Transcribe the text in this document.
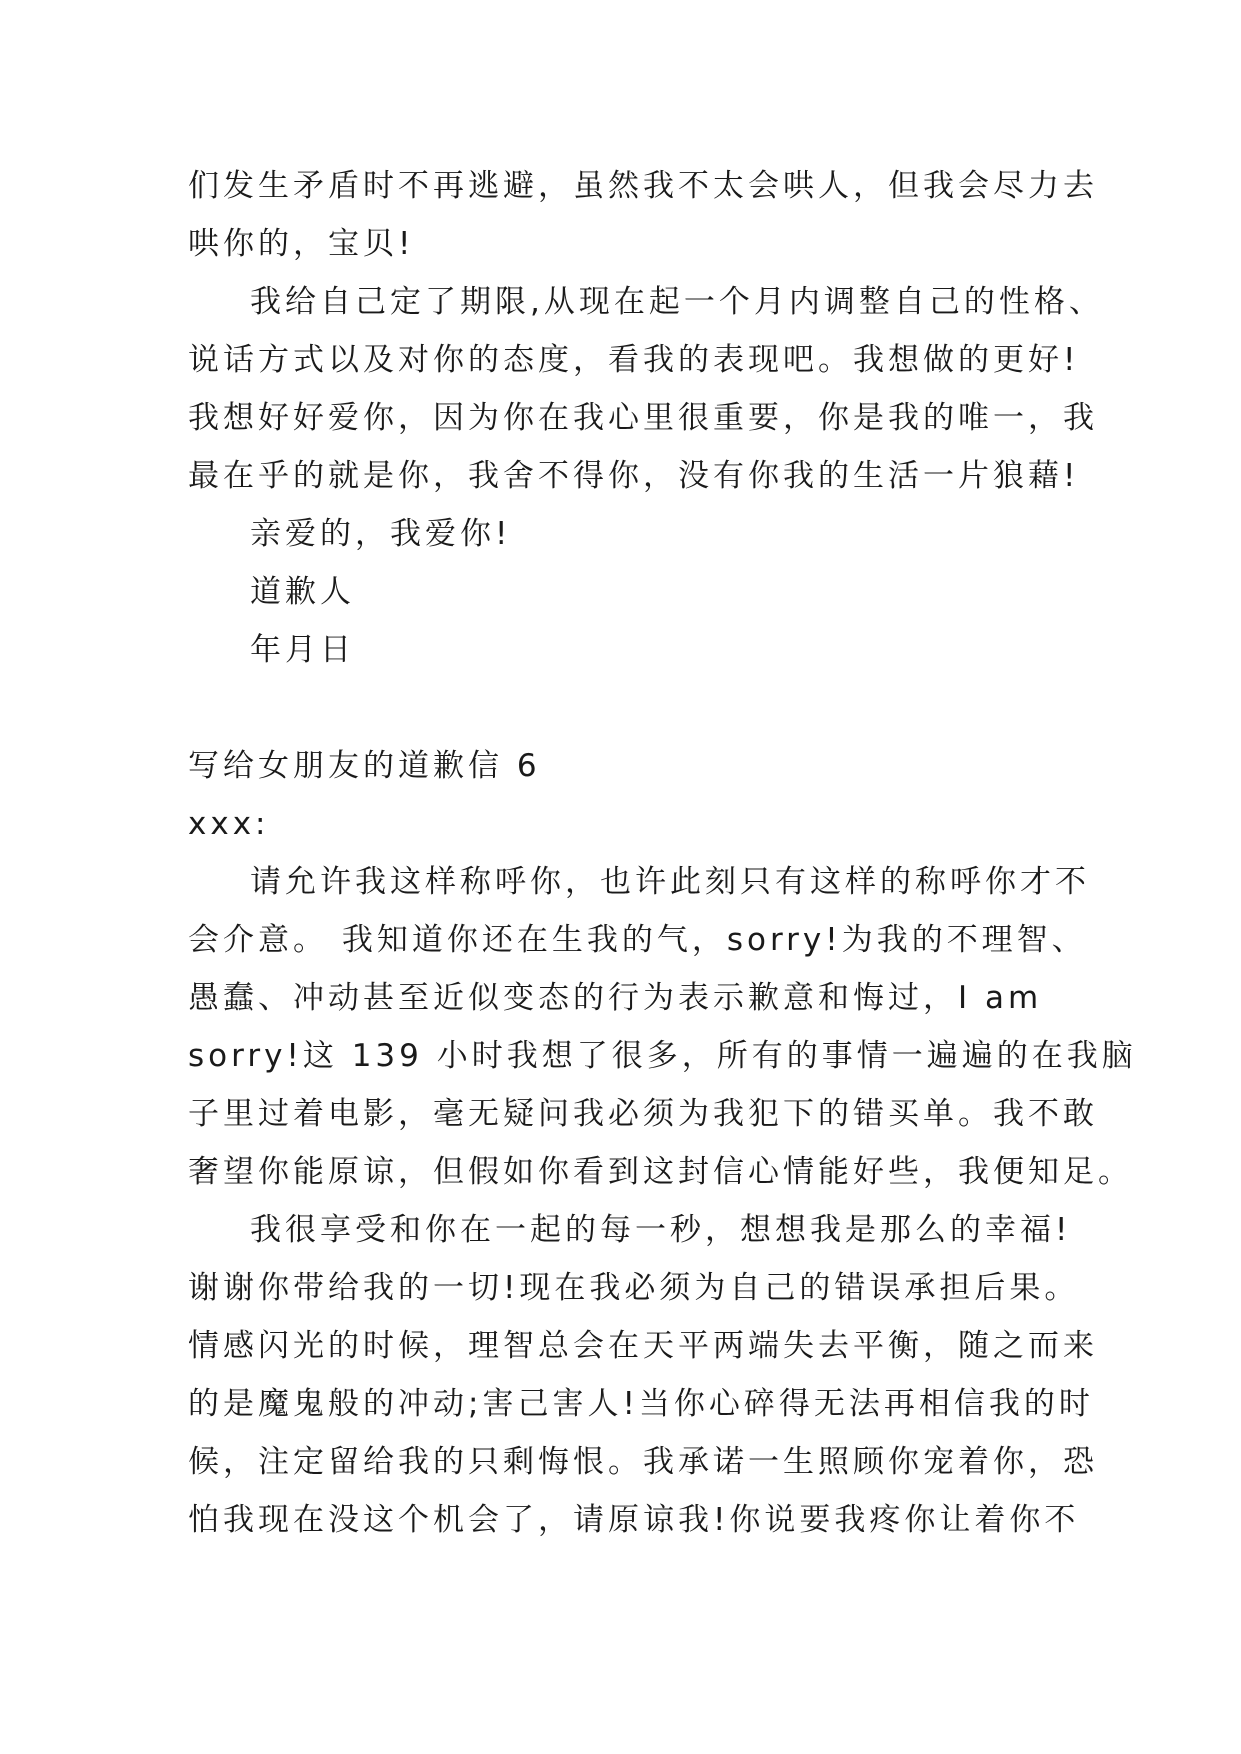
们发生矛盾时不再逃避，虽然我不太会哄人，但我会尽力去
哄你的，宝贝!
我给自己定了期限,从现在起一个月内调整自己的性格、
说话方式以及对你的态度，看我的表现吧。我想做的更好!
我想好好爱你，因为你在我心里很重要，你是我的唯一，我
最在乎的就是你，我舍不得你，没有你我的生活一片狼藉!
亲爱的，我爱你!
道歉人
年月日
写给女朋友的道歉信 6
xxx:
请允许我这样称呼你，也许此刻只有这样的称呼你才不
会介意。 我知道你还在生我的气，sorry!为我的不理智、
愚蠢、冲动甚至近似变态的行为表示歉意和悔过，I am
sorry!这 139 小时我想了很多，所有的事情一遍遍的在我脑
子里过着电影，毫无疑问我必须为我犯下的错买单。我不敢
奢望你能原谅，但假如你看到这封信心情能好些，我便知足。
我很享受和你在一起的每一秒，想想我是那么的幸福!
谢谢你带给我的一切!现在我必须为自己的错误承担后果。
情感闪光的时候，理智总会在天平两端失去平衡，随之而来
的是魔鬼般的冲动;害己害人!当你心碎得无法再相信我的时
候，注定留给我的只剩悔恨。我承诺一生照顾你宠着你，恐
怕我现在没这个机会了，请原谅我!你说要我疼你让着你不
